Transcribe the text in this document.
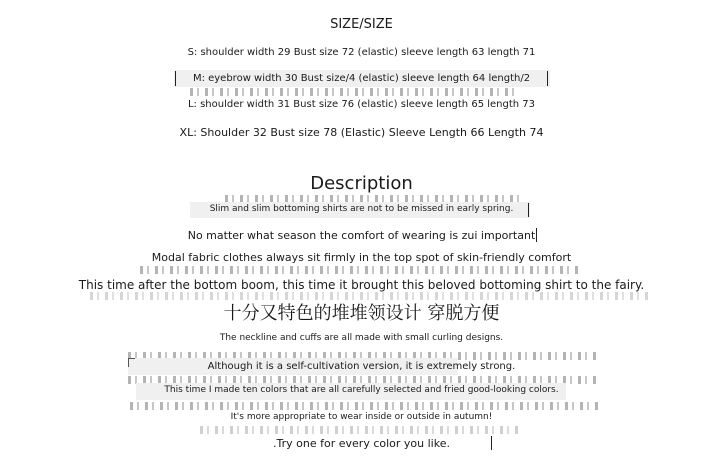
SIZE/SIZE
S: shoulder width 29 Bust size 72 (elastic) sleeve length 63 length 71
M: eyebrow width 30 Bust size/4 (elastic) sleeve length 64 length/2
L: shoulder width 31 Bust size 76 (elastic) sleeve length 65 length 73
XL: Shoulder 32 Bust size 78 (Elastic) Sleeve Length 66 Length 74
Description
Slim and slim bottoming shirts are not to be missed in early spring.
No matter what season the comfort of wearing is zui important
Modal fabric clothes always sit firmly in the top spot of skin-friendly comfort
This time after the bottom boom, this time it brought this beloved bottoming shirt to the fairy.
十分又特色的堆堆领设计 穿脱方便
The neckline and cuffs are all made with small curling designs.
Although it is a self-cultivation version, it is extremely strong.
This time I made ten colors that are all carefully selected and fried good-looking colors.
It's more appropriate to wear inside or outside in autumn!
.Try one for every color you like.
